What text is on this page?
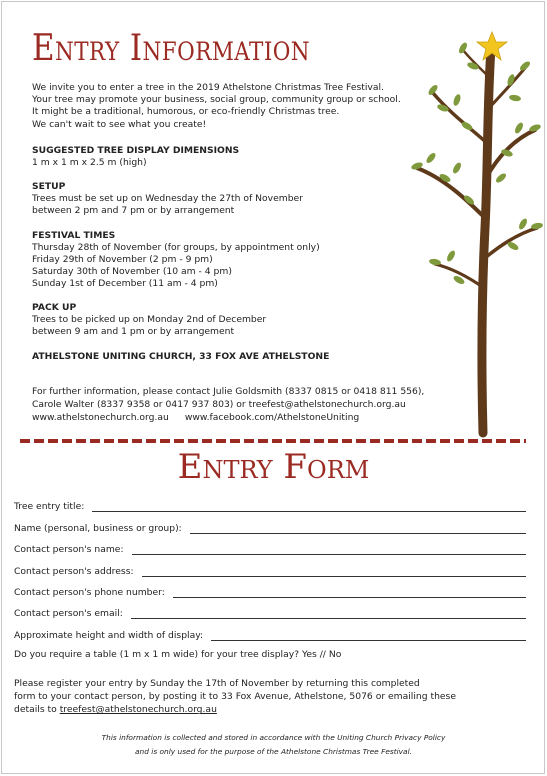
Entry Information
We invite you to enter a tree in the 2019 Athelstone Christmas Tree Festival.
Your tree may promote your business, social group, community group or school.
It might be a traditional, humorous, or eco-friendly Christmas tree.
We can't wait to see what you create!
SUGGESTED TREE DISPLAY DIMENSIONS
1 m x 1 m x 2.5 m (high)
SETUP
Trees must be set up on Wednesday the 27th of November
between 2 pm and 7 pm or by arrangement
FESTIVAL TIMES
Thursday 28th of November (for groups, by appointment only)
Friday 29th of November (2 pm - 9 pm)
Saturday 30th of November (10 am - 4 pm)
Sunday 1st of December (11 am - 4 pm)
PACK UP
Trees to be picked up on Monday 2nd of December
between 9 am and 1 pm or by arrangement
ATHELSTONE UNITING CHURCH, 33 FOX AVE ATHELSTONE
For further information, please contact Julie Goldsmith (8337 0815 or 0418 811 556),
Carole Walter (8337 9358 or 0417 937 803) or treefest@athelstonechurch.org.au
www.athelstonechurch.org.au www.facebook.com/AthelstoneUniting
Entry Form
Tree entry title:
Name (personal, business or group):
Contact person's name:
Contact person's address:
Contact person's phone number:
Contact person's email:
Approximate height and width of display:
Do you require a table (1 m x 1 m wide) for your tree display? Yes // No
Please register your entry by Sunday the 17th of November by returning this completed
form to your contact person, by posting it to 33 Fox Avenue, Athelstone, 5076 or emailing these
details to treefest@athelstonechurch.org.au
This information is collected and stored in accordance with the Uniting Church Privacy Policy
and is only used for the purpose of the Athelstone Christmas Tree Festival.
